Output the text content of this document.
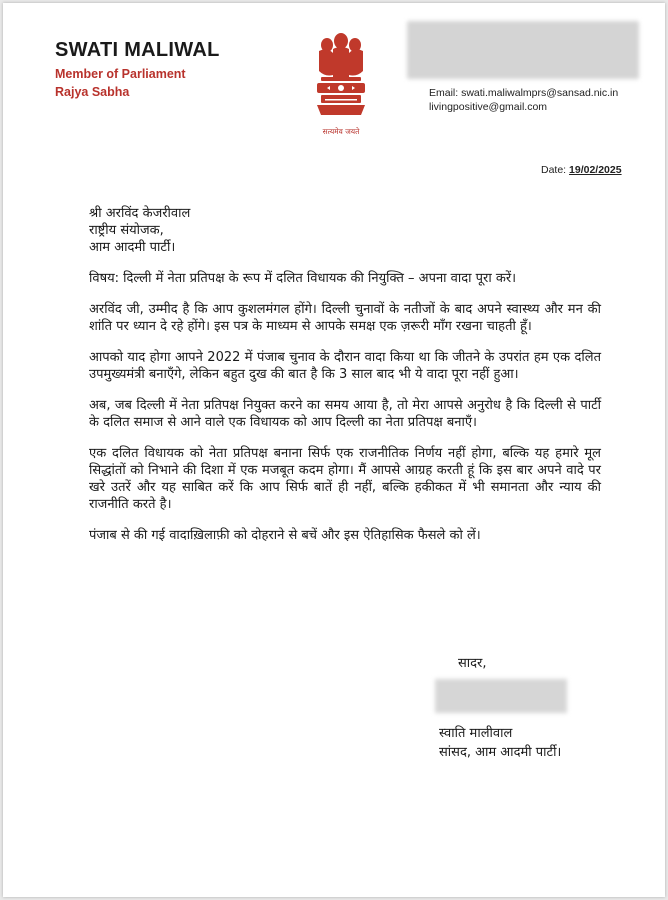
SWATI MALIWAL
Member of Parliament
Rajya Sabha
सत्यमेव जयते
Email: swati.maliwalmprs@sansad.nic.in
livingpositive@gmail.com
Date: 19/02/2025
श्री अरविंद केजरीवाल
राष्ट्रीय संयोजक,
आम आदमी पार्टी।
विषय: दिल्ली में नेता प्रतिपक्ष के रूप में दलित विधायक की नियुक्ति – अपना वादा पूरा करें।
अरविंद जी, उम्मीद है कि आप कुशलमंगल होंगे। दिल्ली चुनावों के नतीजों के बाद अपने स्वास्थ्य और मन की शांति पर ध्यान दे रहे होंगे। इस पत्र के माध्यम से आपके समक्ष एक ज़रूरी माँग रखना चाहती हूँ।
आपको याद होगा आपने 2022 में पंजाब चुनाव के दौरान वादा किया था कि जीतने के उपरांत हम एक दलित उपमुख्यमंत्री बनाएँगे, लेकिन बहुत दुख की बात है कि 3 साल बाद भी ये वादा पूरा नहीं हुआ।
अब, जब दिल्ली में नेता प्रतिपक्ष नियुक्त करने का समय आया है, तो मेरा आपसे अनुरोध है कि दिल्ली से पार्टी के दलित समाज से आने वाले एक विधायक को आप दिल्ली का नेता प्रतिपक्ष बनाएँ।
एक दलित विधायक को नेता प्रतिपक्ष बनाना सिर्फ एक राजनीतिक निर्णय नहीं होगा, बल्कि यह हमारे मूल सिद्धांतों को निभाने की दिशा में एक मजबूत कदम होगा। मैं आपसे आग्रह करती हूं कि इस बार अपने वादे पर खरे उतरें और यह साबित करें कि आप सिर्फ बातें ही नहीं, बल्कि हकीकत में भी समानता और न्याय की राजनीति करते है।
पंजाब से की गई वादाख़िलाफ़ी को दोहराने से बचें और इस ऐतिहासिक फैसले को लें।
सादर,
स्वाति मालीवाल
सांसद, आम आदमी पार्टी।
